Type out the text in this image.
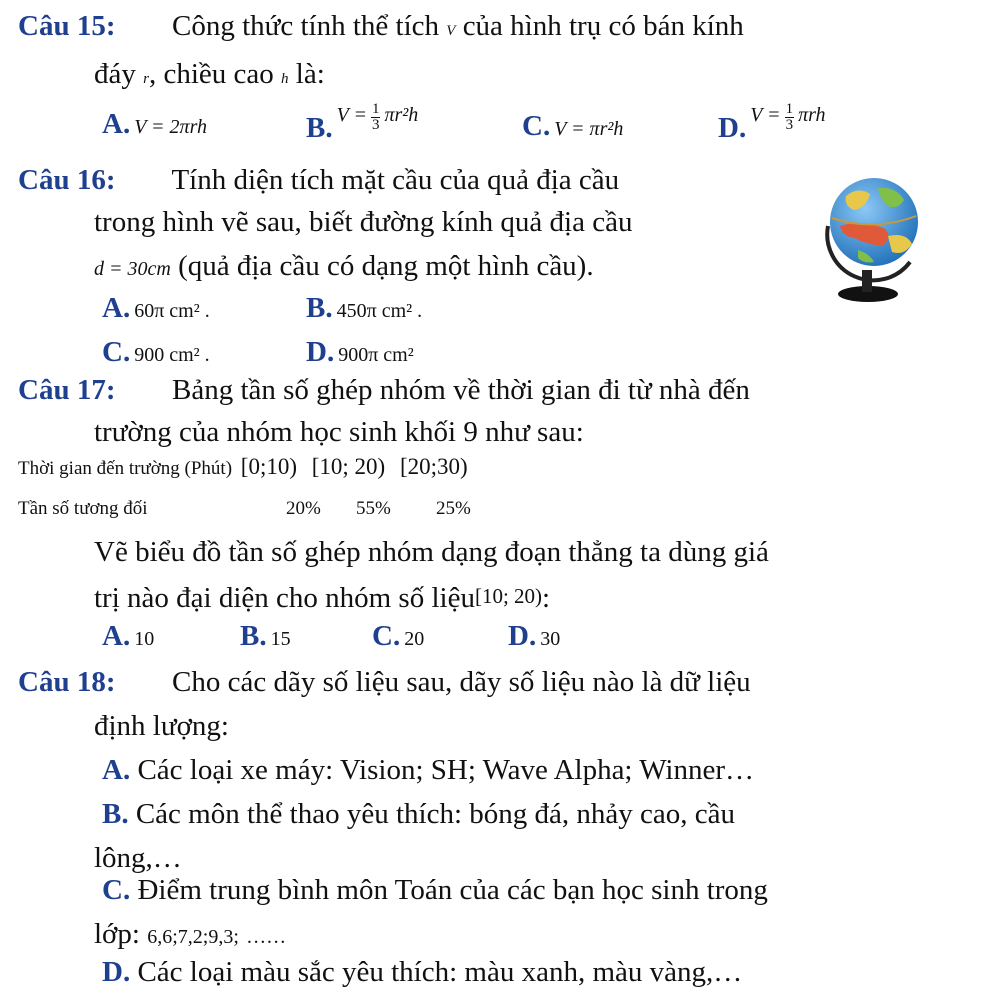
Câu 15: Công thức tính thể tích V của hình trụ có bán kính
đáy r, chiều cao h là:
A. V = 2πrh	B. $V = \frac{1}{3} \pi r^2h$	C. V = πr²h	D. $V = \frac{1}{3}$ πrh
Câu 16: Tính diện tích mặt cầu của quả địa cầu
trong hình vẽ sau, biết đường kính quả địa cầu
d = 30cm (quả địa cầu có dạng một hình cầu).
A. 60π cm² .	B. 450π cm² .
C. 900 cm² .	D. 900π cm²
Câu 17: Bảng tần số ghép nhóm về thời gian đi từ nhà đến
trường của nhóm học sinh khối 9 như sau:
Thời gian đến trường (Phút) [0;10) [10; 20) [20;30)
Tần số tương đối	20% 55% 25%
Vẽ biểu đồ tần số ghép nhóm dạng đoạn thẳng ta dùng giá
trị nào đại diện cho nhóm số liệu[10; 20):
A. 10	B. 15	C. 20	D. 30
Câu 18: Cho các dãy số liệu sau, dãy số liệu nào là dữ liệu
định lượng:
A. Các loại xe máy: Vision; SH; Wave Alpha; Winner…
B. Các môn thể thao yêu thích: bóng đá, nhảy cao, cầu
lông,…
C. Điểm trung bình môn Toán của các bạn học sinh trong
lớp: 6,6;7,2;9,3; ……
D. Các loại màu sắc yêu thích: màu xanh, màu vàng,…
